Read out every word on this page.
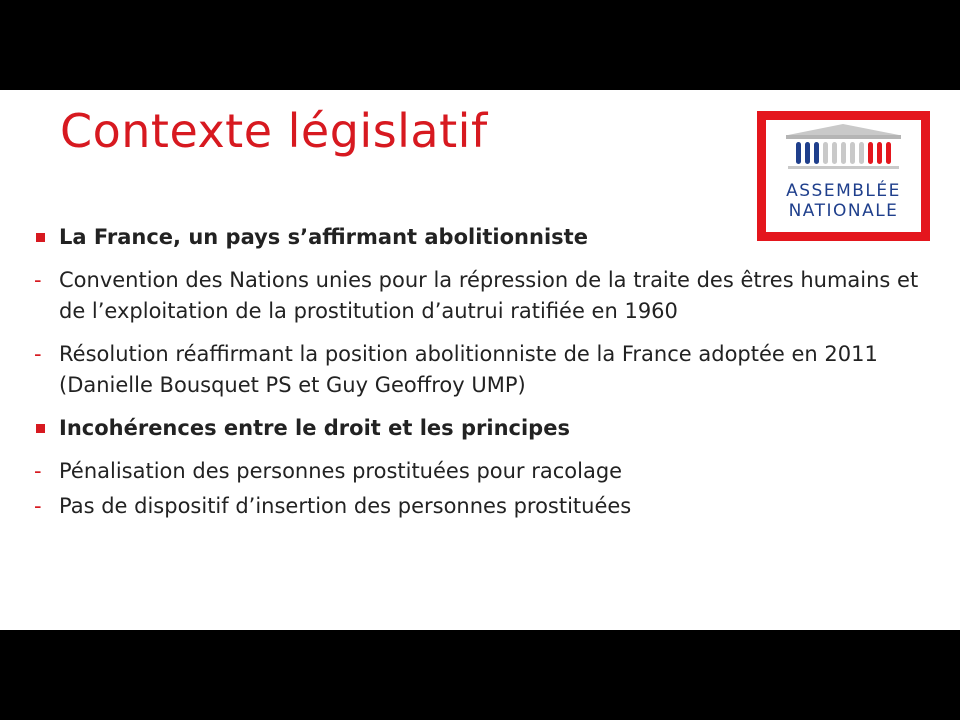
Contexte législatif
ASSEMBLÉE
NATIONALE
La France, un pays s’affirmant abolitionniste
- Convention des Nations unies pour la répression de la traite des êtres humains et de l’exploitation de la prostitution d’autrui ratifiée en 1960
- Résolution réaffirmant la position abolitionniste de la France adoptée en 2011 (Danielle Bousquet PS et Guy Geoffroy UMP)
Incohérences entre le droit et les principes
- Pénalisation des personnes prostituées pour racolage
- Pas de dispositif d’insertion des personnes prostituées
